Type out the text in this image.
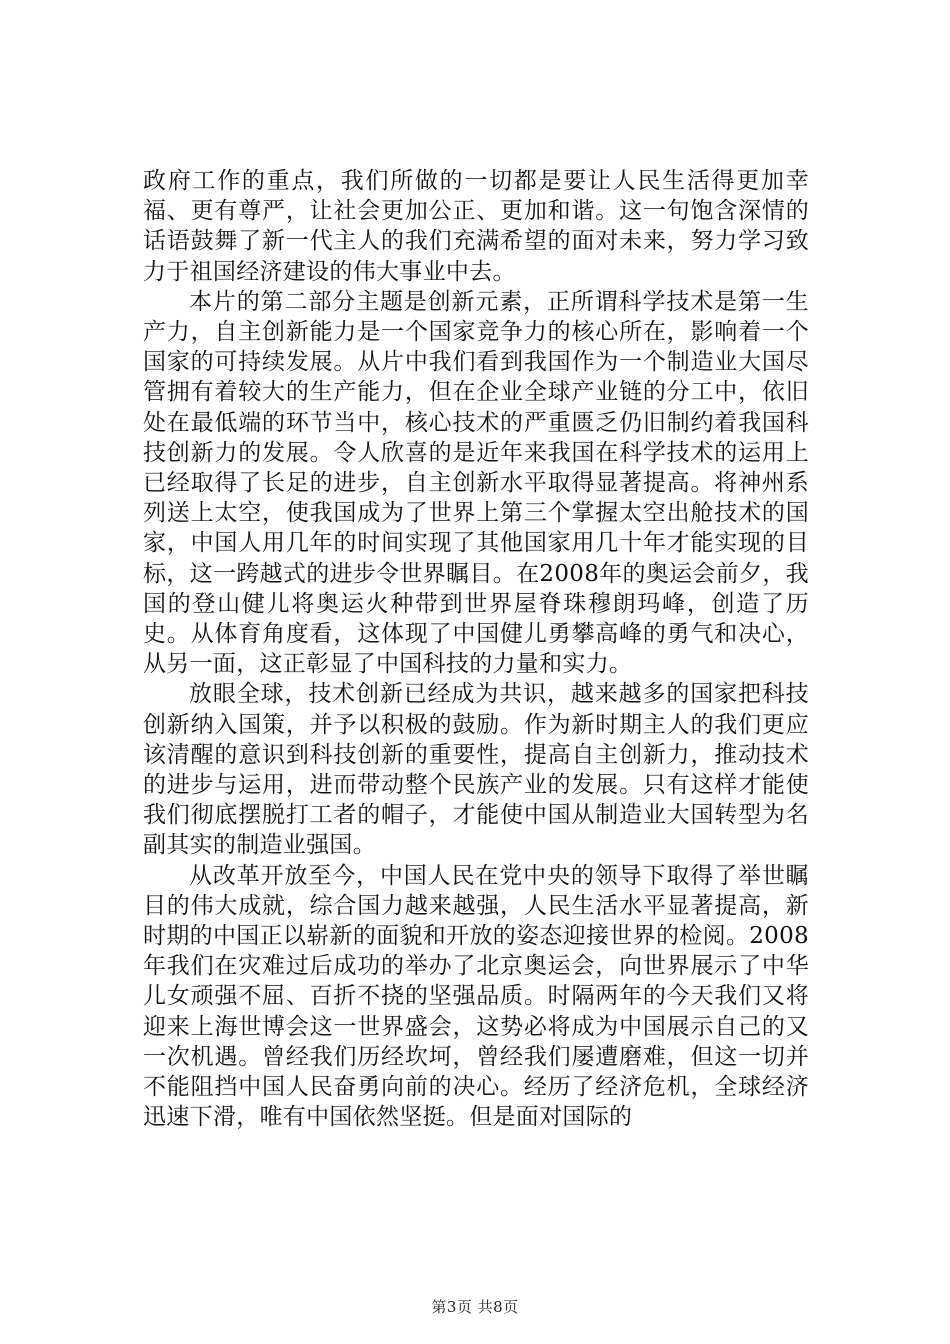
政府工作的重点，我们所做的一切都是要让人民生活得更加幸福、更有尊严，让社会更加公正、更加和谐。这一句饱含深情的话语鼓舞了新一代主人的我们充满希望的面对未来，努力学习致力于祖国经济建设的伟大事业中去。

本片的第二部分主题是创新元素，正所谓科学技术是第一生产力，自主创新能力是一个国家竞争力的核心所在，影响着一个国家的可持续发展。从片中我们看到我国作为一个制造业大国尽管拥有着较大的生产能力，但在企业全球产业链的分工中，依旧处在最低端的环节当中，核心技术的严重匮乏仍旧制约着我国科技创新力的发展。令人欣喜的是近年来我国在科学技术的运用上已经取得了长足的进步，自主创新水平取得显著提高。将神州系列送上太空，使我国成为了世界上第三个掌握太空出舱技术的国家，中国人用几年的时间实现了其他国家用几十年才能实现的目标，这一跨越式的进步令世界瞩目。在2008年的奥运会前夕，我国的登山健儿将奥运火种带到世界屋脊珠穆朗玛峰，创造了历史。从体育角度看，这体现了中国健儿勇攀高峰的勇气和决心，从另一面，这正彰显了中国科技的力量和实力。

放眼全球，技术创新已经成为共识，越来越多的国家把科技创新纳入国策，并予以积极的鼓励。作为新时期主人的我们更应该清醒的意识到科技创新的重要性，提高自主创新力，推动技术的进步与运用，进而带动整个民族产业的发展。只有这样才能使我们彻底摆脱打工者的帽子，才能使中国从制造业大国转型为名副其实的制造业强国。

从改革开放至今，中国人民在党中央的领导下取得了举世瞩目的伟大成就，综合国力越来越强，人民生活水平显著提高，新时期的中国正以崭新的面貌和开放的姿态迎接世界的检阅。2008年我们在灾难过后成功的举办了北京奥运会，向世界展示了中华儿女顽强不屈、百折不挠的坚强品质。时隔两年的今天我们又将迎来上海世博会这一世界盛会，这势必将成为中国展示自己的又一次机遇。曾经我们历经坎坷，曾经我们屡遭磨难，但这一切并不能阻挡中国人民奋勇向前的决心。经历了经济危机，全球经济迅速下滑，唯有中国依然坚挺。但是面对国际的

第3页 共8页
